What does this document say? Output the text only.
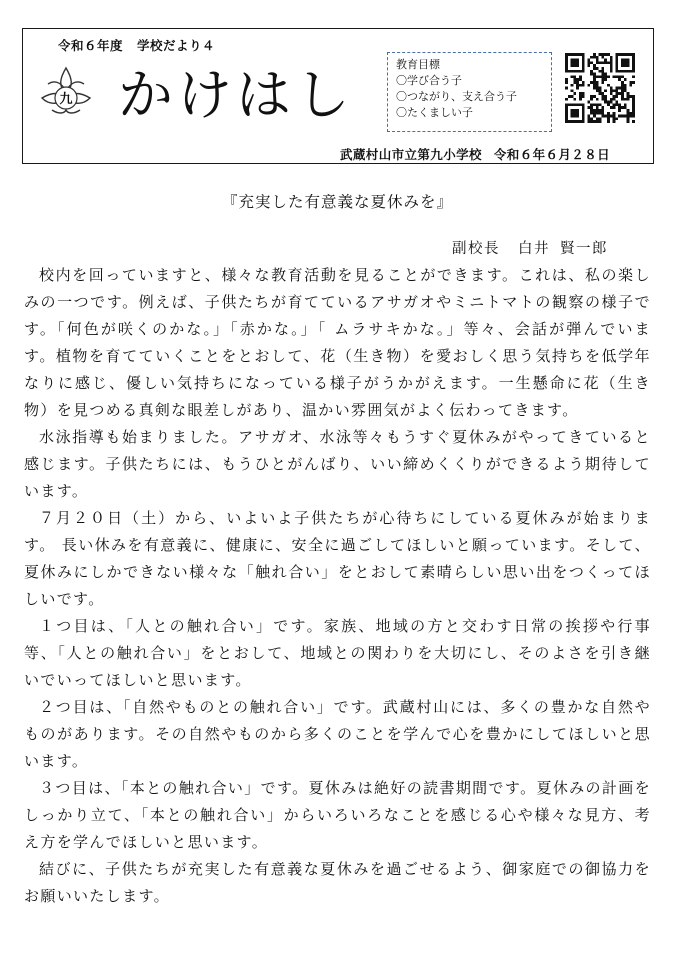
令和６年度 学校だより４
九 かけはし	教育目標
〇学び合う子
〇つながり、支え合う子
〇たくましい子
武蔵村山市立第九小学校 令和６年６月２８日
『充実した有意義な夏休みを』
副校長 白井 賢一郎

校内を回っていますと、様々な教育活動を見ることができます。これは、私の楽しみの一つです。例えば、子供たちが育てているアサガオやミニトマトの観察の様子です。「何色が咲くのかな。」「赤かな。」「 ムラサキかな。」等々、会話が弾んでいます。植物を育てていくことをとおして、花（生き物）を愛おしく思う気持ちを低学年なりに感じ、優しい気持ちになっている様子がうかがえます。一生懸命に花（生き物）を見つめる真剣な眼差しがあり、温かい雰囲気がよく伝わってきます。

水泳指導も始まりました。アサガオ、水泳等々もうすぐ夏休みがやってきていると感じます。子供たちには、もうひとがんばり、いい締めくくりができるよう期待しています。

７月２０日（土）から、いよいよ子供たちが心待ちにしている夏休みが始まります。 長い休みを有意義に、健康に、安全に過ごしてほしいと願っています。そして、夏休みにしかできない様々な「触れ合い」をとおして素晴らしい思い出をつくってほしいです。

１つ目は、「人との触れ合い」です。家族、地域の方と交わす日常の挨拶や行事等、「人との触れ合い」をとおして、地域との関わりを大切にし、そのよさを引き継いでいってほしいと思います。

２つ目は、「自然やものとの触れ合い」です。武蔵村山には、多くの豊かな自然やものがあります。その自然やものから多くのことを学んで心を豊かにしてほしいと思います。

３つ目は、「本との触れ合い」です。夏休みは絶好の読書期間です。夏休みの計画をしっかり立て、「本との触れ合い」からいろいろなことを感じる心や様々な見方、考え方を学んでほしいと思います。

結びに、子供たちが充実した有意義な夏休みを過ごせるよう、御家庭での御協力をお願いいたします。
